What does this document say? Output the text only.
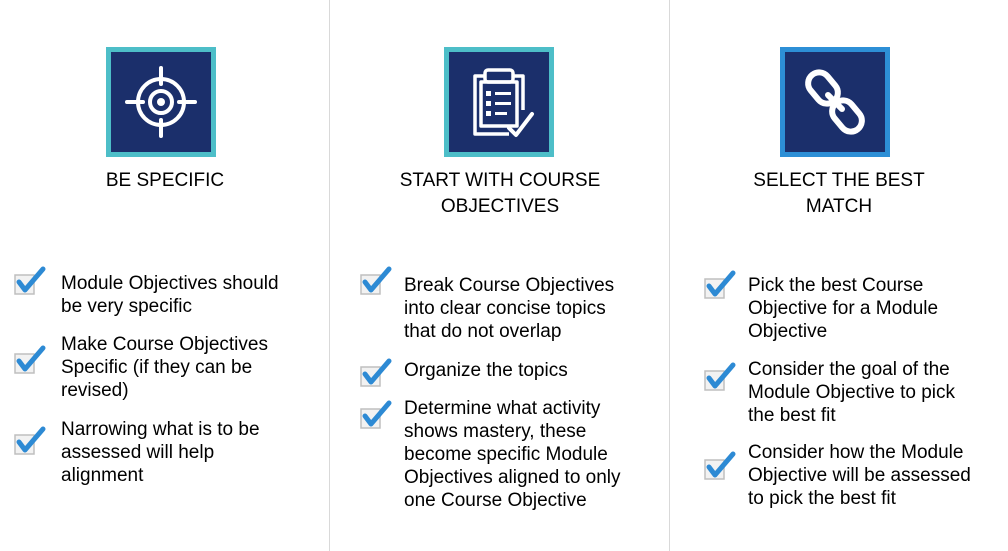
BE SPECIFIC
Module Objectives should
be very specific
Make Course Objectives
Specific (if they can be
revised)
Narrowing what is to be
assessed will help
alignment
START WITH COURSE
OBJECTIVES
Break Course Objectives
into clear concise topics
that do not overlap
Organize the topics
Determine what activity
shows mastery, these
become specific Module
Objectives aligned to only
one Course Objective
SELECT THE BEST
MATCH
Pick the best Course
Objective for a Module
Objective
Consider the goal of the
Module Objective to pick
the best fit
Consider how the Module
Objective will be assessed
to pick the best fit
